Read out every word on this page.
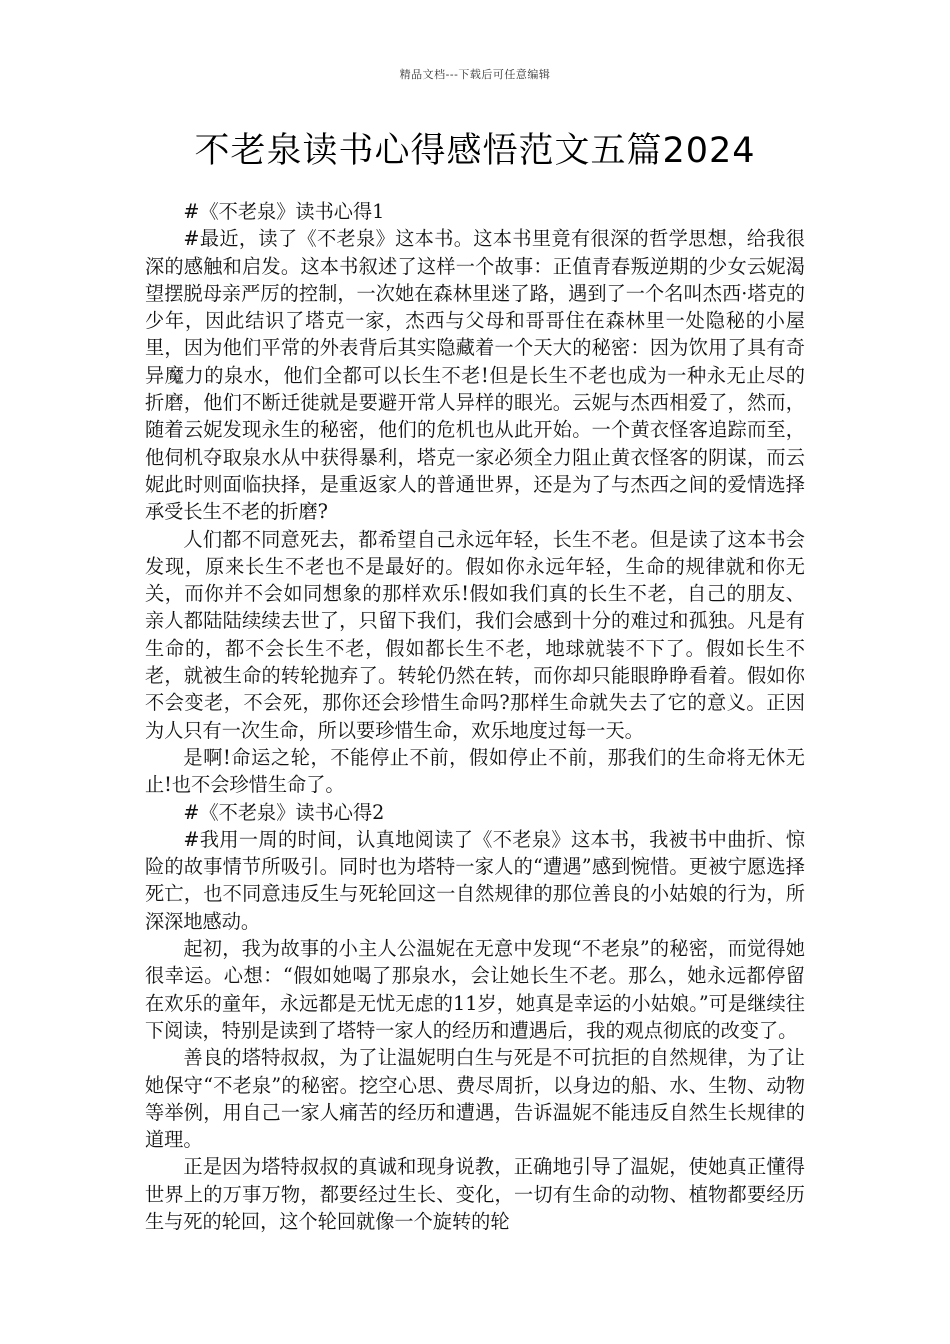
精品文档---下载后可任意编辑
不老泉读书心得感悟范文五篇2024

#《不老泉》读书心得1

#最近，读了《不老泉》这本书。这本书里竟有很深的哲学思想，给我很深的感触和启发。这本书叙述了这样一个故事：正值青春叛逆期的少女云妮渴望摆脱母亲严厉的控制，一次她在森林里迷了路，遇到了一个名叫杰西·塔克的少年，因此结识了塔克一家，杰西与父母和哥哥住在森林里一处隐秘的小屋里，因为他们平常的外表背后其实隐藏着一个天大的秘密：因为饮用了具有奇异魔力的泉水，他们全都可以长生不老!但是长生不老也成为一种永无止尽的折磨，他们不断迁徙就是要避开常人异样的眼光。云妮与杰西相爱了，然而，随着云妮发现永生的秘密，他们的危机也从此开始。一个黄衣怪客追踪而至，他伺机夺取泉水从中获得暴利，塔克一家必须全力阻止黄衣怪客的阴谋，而云妮此时则面临抉择，是重返家人的普通世界，还是为了与杰西之间的爱情选择承受长生不老的折磨?

人们都不同意死去，都希望自己永远年轻，长生不老。但是读了这本书会发现，原来长生不老也不是最好的。假如你永远年轻，生命的规律就和你无关，而你并不会如同想象的那样欢乐!假如我们真的长生不老，自己的朋友、亲人都陆陆续续去世了，只留下我们，我们会感到十分的难过和孤独。凡是有生命的，都不会长生不老，假如都长生不老，地球就装不下了。假如长生不老，就被生命的转轮抛弃了。转轮仍然在转，而你却只能眼睁睁看着。假如你不会变老，不会死，那你还会珍惜生命吗?那样生命就失去了它的意义。正因为人只有一次生命，所以要珍惜生命，欢乐地度过每一天。

是啊!命运之轮，不能停止不前，假如停止不前，那我们的生命将无休无止!也不会珍惜生命了。

#《不老泉》读书心得2

#我用一周的时间，认真地阅读了《不老泉》这本书，我被书中曲折、惊险的故事情节所吸引。同时也为塔特一家人的“遭遇”感到惋惜。更被宁愿选择死亡，也不同意违反生与死轮回这一自然规律的那位善良的小姑娘的行为，所深深地感动。

起初，我为故事的小主人公温妮在无意中发现“不老泉”的秘密，而觉得她很幸运。心想：“假如她喝了那泉水，会让她长生不老。那么，她永远都停留在欢乐的童年，永远都是无忧无虑的11岁，她真是幸运的小姑娘。”可是继续往下阅读，特别是读到了塔特一家人的经历和遭遇后，我的观点彻底的改变了。

善良的塔特叔叔，为了让温妮明白生与死是不可抗拒的自然规律，为了让她保守“不老泉”的秘密。挖空心思、费尽周折，以身边的船、水、生物、动物等举例，用自己一家人痛苦的经历和遭遇，告诉温妮不能违反自然生长规律的道理。

正是因为塔特叔叔的真诚和现身说教，正确地引导了温妮，使她真正懂得世界上的万事万物，都要经过生长、变化，一切有生命的动物、植物都要经历生与死的轮回，这个轮回就像一个旋转的轮
